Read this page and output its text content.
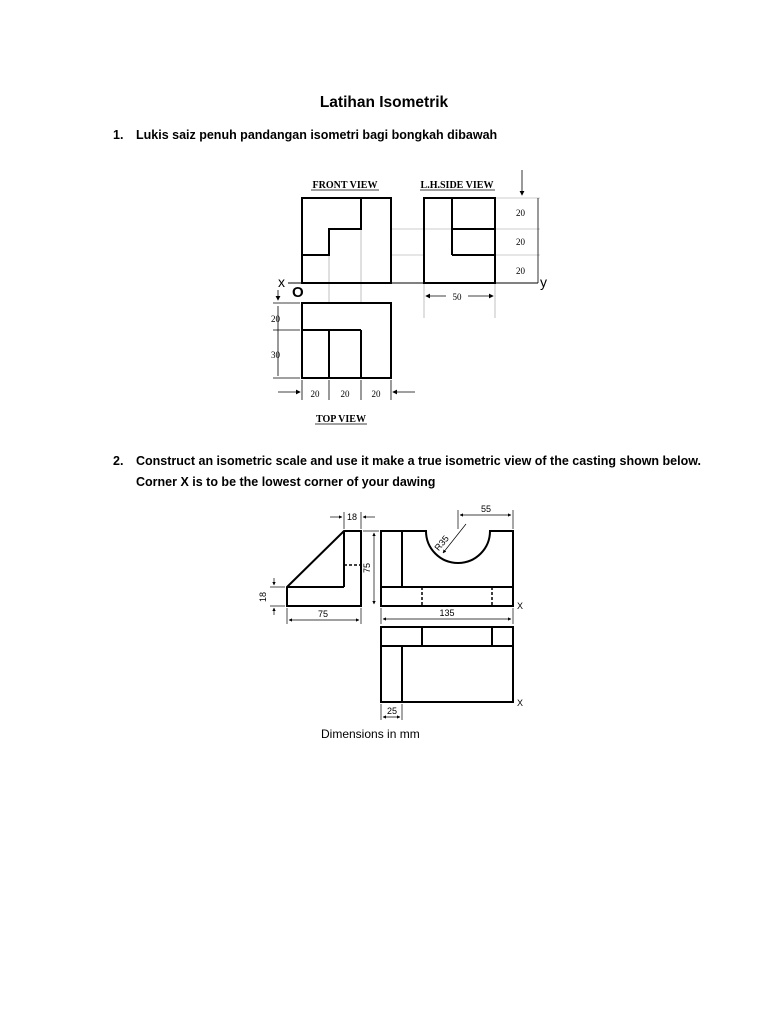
Latihan Isometrik
1. Lukis saiz penuh pandangan isometri bagi bongkah dibawah
FRONT VIEW	L.H.SIDE VIEW
x	y
O
20
20
20
50
20
30
20 20 20
TOP VIEW
2. Construct an isometric scale and use it make a true isometric view of the casting shown below.
Corner X is to be the lowest corner of your dawing
18
75
18
75
55
R35
135
X
X
25
Dimensions in mm
